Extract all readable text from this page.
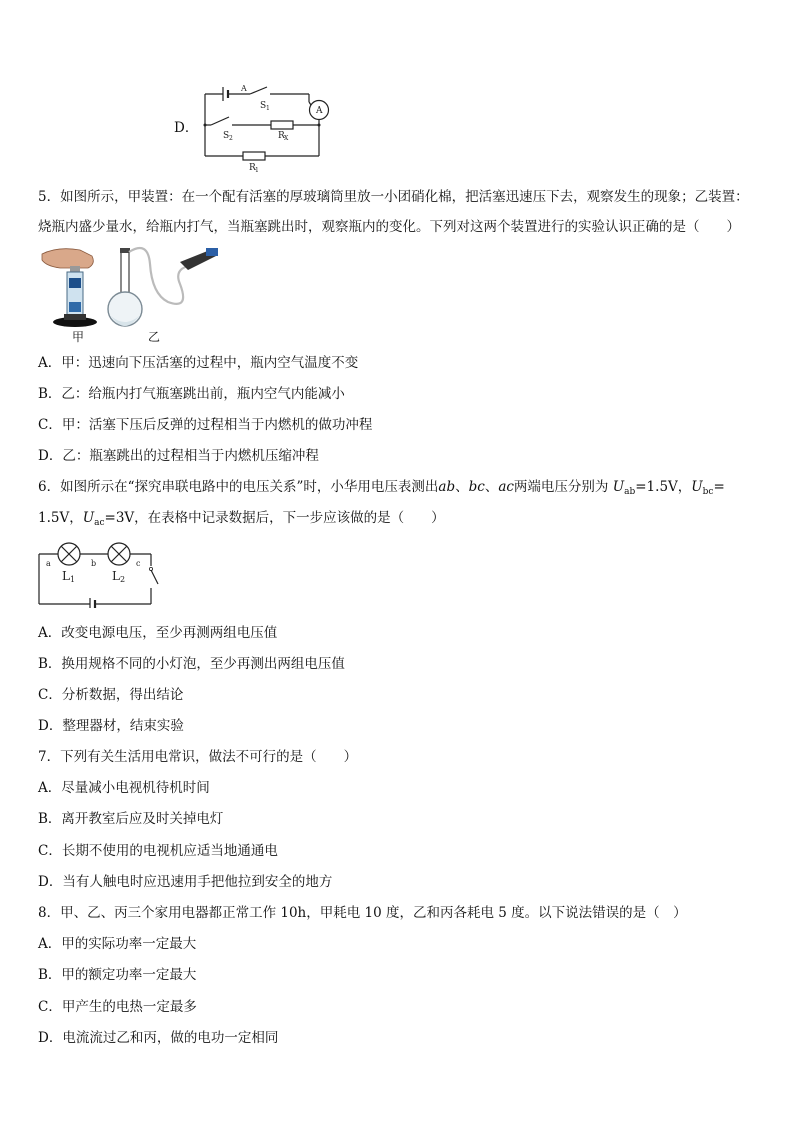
D．
A
S 1	A
S 2	R X
R 1
5．如图所示，甲装置：在一个配有活塞的厚玻璃筒里放一小团硝化棉，把活塞迅速压下去，观察发生的现象；乙装置：
烧瓶内盛少量水，给瓶内打气，当瓶塞跳出时，观察瓶内的变化。下列对这两个装置进行的实验认识正确的是（　　）
甲	乙
A．甲：迅速向下压活塞的过程中，瓶内空气温度不变
B．乙：给瓶内打气瓶塞跳出前，瓶内空气内能减小
C．甲：活塞下压后反弹的过程相当于内燃机的做功冲程
D．乙：瓶塞跳出的过程相当于内燃机压缩冲程
6．如图所示在“探究串联电路中的电压关系”时，小华用电压表测出ab、bc、ac两端电压分别为 $U_{ab}=1.5V$，$U_{bc}=$
1.5V，$U_{ac}=3V$，在表格中记录数据后，下一步应该做的是（　　）
a	b	c
L 1	L 2
A．改变电源电压，至少再测两组电压值
B．换用规格不同的小灯泡，至少再测出两组电压值
C．分析数据，得出结论
D．整理器材，结束实验
7．下列有关生活用电常识，做法不可行的是（　　）
A．尽量减小电视机待机时间
B．离开教室后应及时关掉电灯
C．长期不使用的电视机应适当地通通电
D．当有人触电时应迅速用手把他拉到安全的地方
8．甲、乙、丙三个家用电器都正常工作 10h，甲耗电 10 度，乙和丙各耗电 5 度。以下说法错误的是（　）
A．甲的实际功率一定最大
B．甲的额定功率一定最大
C．甲产生的电热一定最多
D．电流流过乙和丙，做的电功一定相同
